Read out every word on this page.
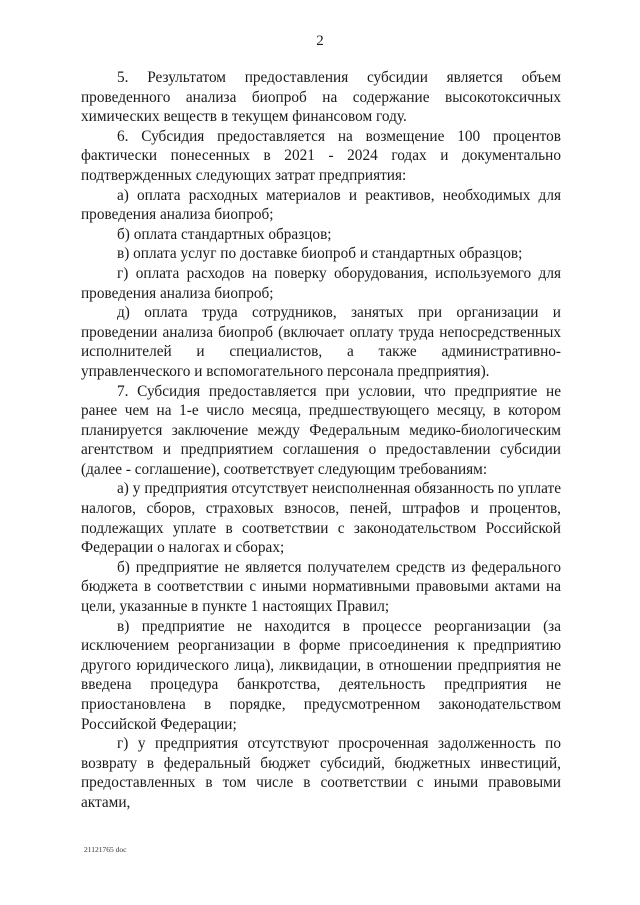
2

5. Результатом предоставления субсидии является объем проведенного анализа биопроб на содержание высокотоксичных химических веществ в текущем финансовом году.

6. Субсидия предоставляется на возмещение 100 процентов фактически понесенных в 2021 - 2024 годах и документально подтвержденных следующих затрат предприятия:

а) оплата расходных материалов и реактивов, необходимых для проведения анализа биопроб;

б) оплата стандартных образцов;

в) оплата услуг по доставке биопроб и стандартных образцов;

г) оплата расходов на поверку оборудования, используемого для проведения анализа биопроб;

д) оплата труда сотрудников, занятых при организации и проведении анализа биопроб (включает оплату труда непосредственных исполнителей и специалистов, а также административно-управленческого и вспомогательного персонала предприятия).

7. Субсидия предоставляется при условии, что предприятие не ранее чем на 1-е число месяца, предшествующего месяцу, в котором планируется заключение между Федеральным медико-биологическим агентством и предприятием соглашения о предоставлении субсидии (далее - соглашение), соответствует следующим требованиям:

а) у предприятия отсутствует неисполненная обязанность по уплате налогов, сборов, страховых взносов, пеней, штрафов и процентов, подлежащих уплате в соответствии с законодательством Российской Федерации о налогах и сборах;

б) предприятие не является получателем средств из федерального бюджета в соответствии с иными нормативными правовыми актами на цели, указанные в пункте 1 настоящих Правил;

в) предприятие не находится в процессе реорганизации (за исключением реорганизации в форме присоединения к предприятию другого юридического лица), ликвидации, в отношении предприятия не введена процедура банкротства, деятельность предприятия не приостановлена в порядке, предусмотренном законодательством Российской Федерации;

г) у предприятия отсутствуют просроченная задолженность по возврату в федеральный бюджет субсидий, бюджетных инвестиций, предоставленных в том числе в соответствии с иными правовыми актами,

21121765 doc
